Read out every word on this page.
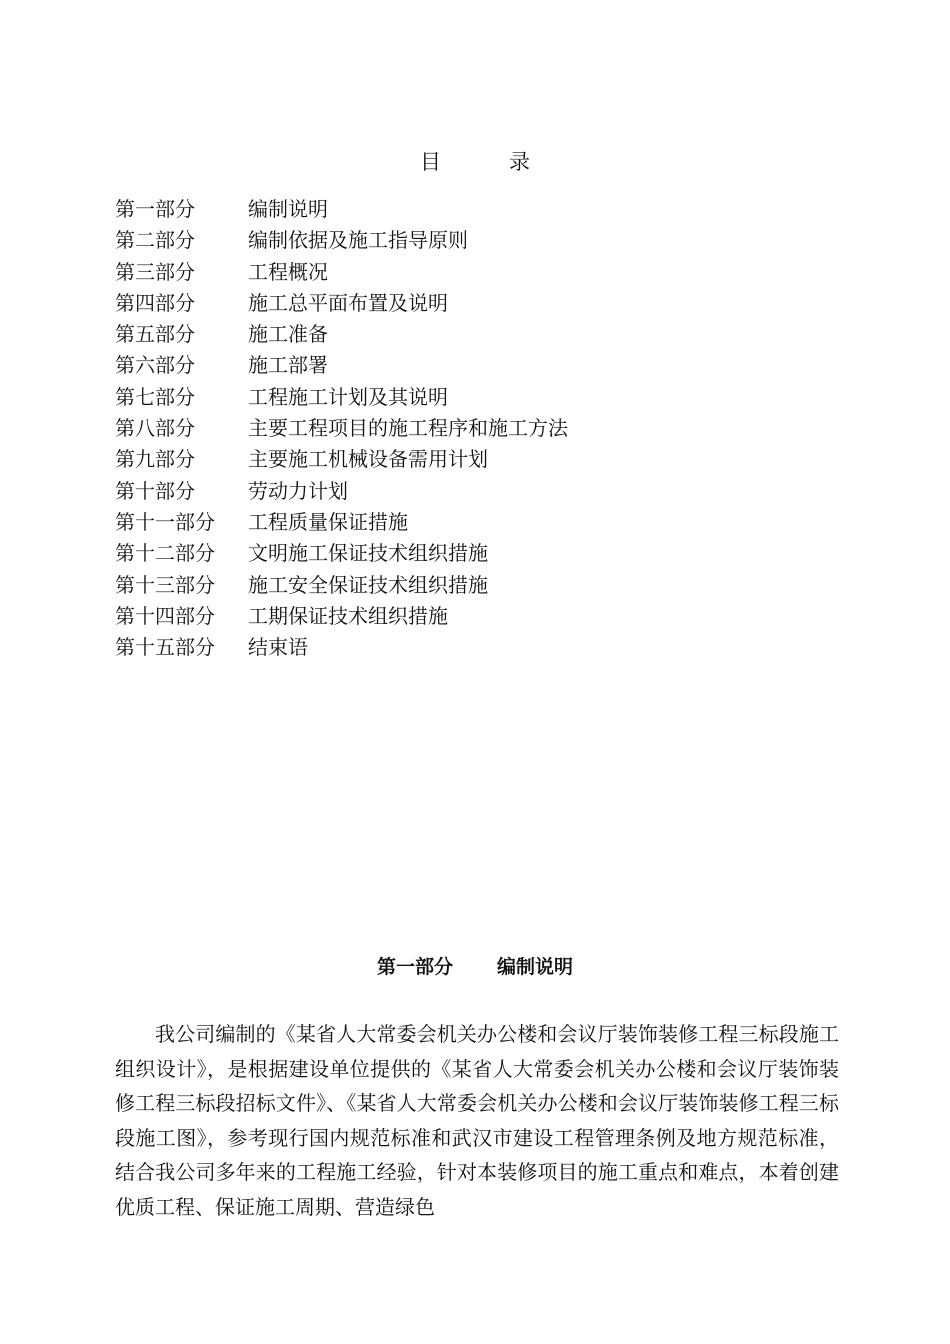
目	录
第一部分	编制说明
第二部分	编制依据及施工指导原则
第三部分	工程概况
第四部分	施工总平面布置及说明
第五部分	施工准备
第六部分	施工部署
第七部分	工程施工计划及其说明
第八部分	主要工程项目的施工程序和施工方法
第九部分	主要施工机械设备需用计划
第十部分	劳动力计划
第十一部分 工程质量保证措施
第十二部分 文明施工保证技术组织措施
第十三部分 施工安全保证技术组织措施
第十四部分 工期保证技术组织措施
第十五部分 结束语
第一部分 编制说明

我公司编制的《某省人大常委会机关办公楼和会议厅装饰装修工程三标段施工组织设计》，是根据建设单位提供的《某省人大常委会机关办公楼和会议厅装饰装修工程三标段招标文件》、《某省人大常委会机关办公楼和会议厅装饰装修工程三标段施工图》，参考现行国内规范标准和武汉市建设工程管理条例及地方规范标准，结合我公司多年来的工程施工经验，针对本装修项目的施工重点和难点，本着创建优质工程、保证施工周期、营造绿色
